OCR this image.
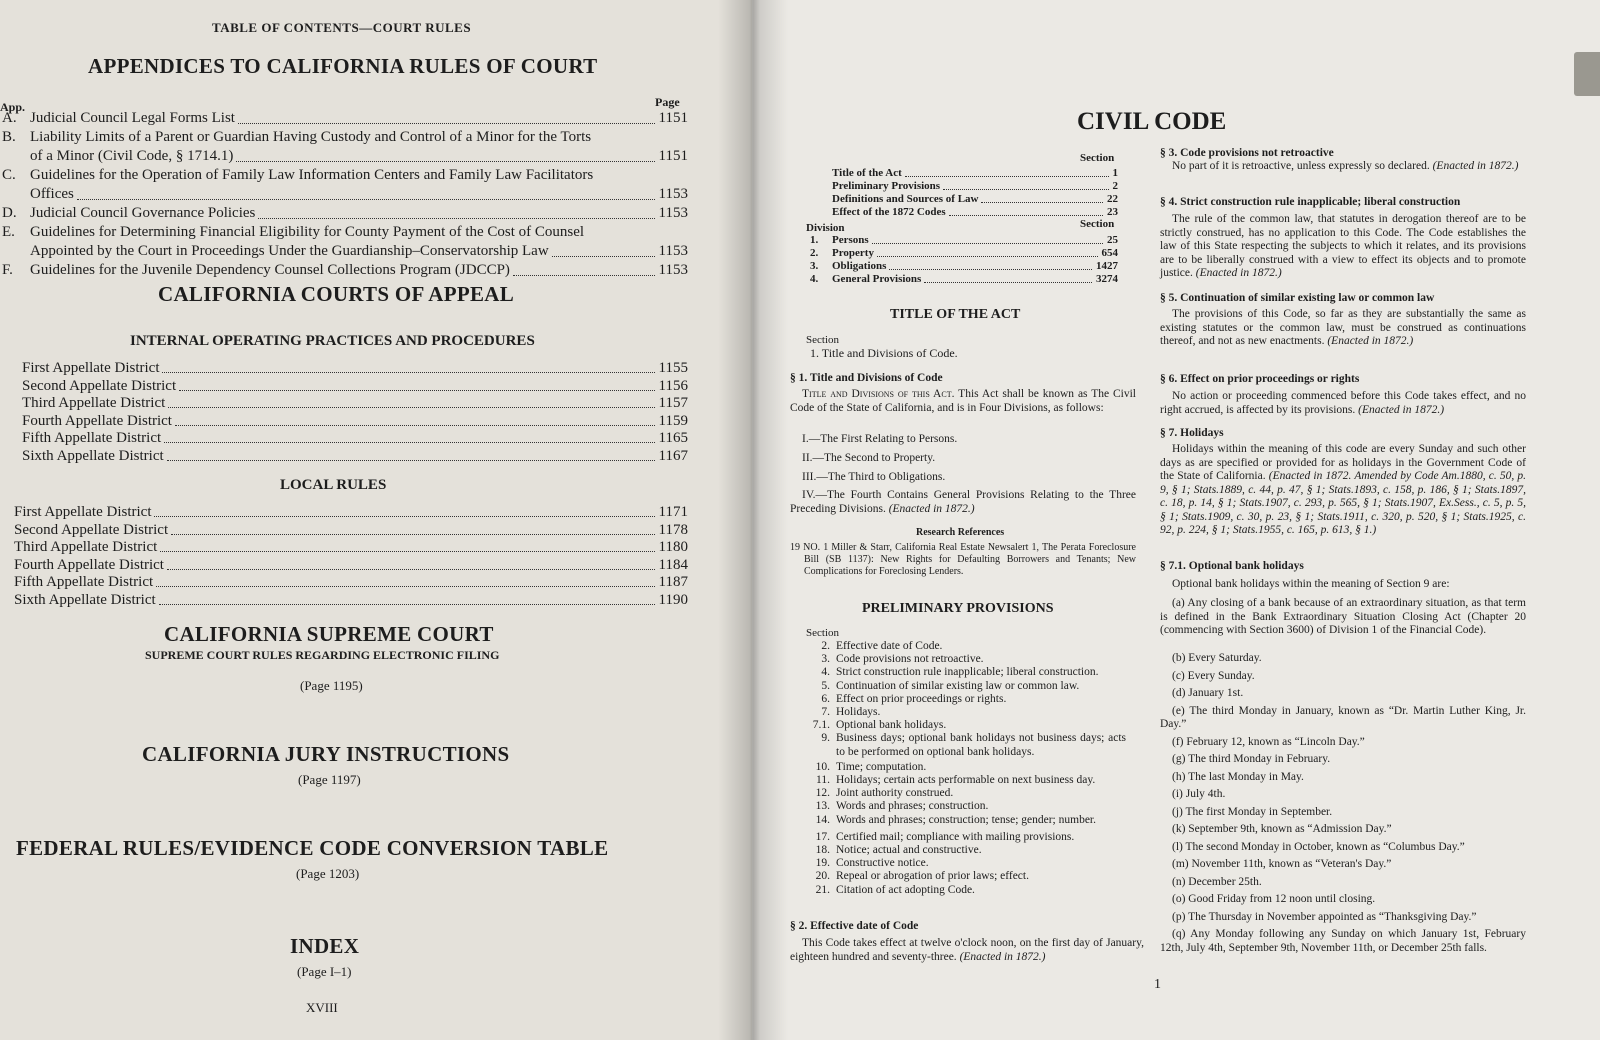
TABLE OF CONTENTS—COURT RULES
APPENDICES TO CALIFORNIA RULES OF COURT
App.	Page
A. Judicial Council Legal Forms List	1151
B. Liability Limits of a Parent or Guardian Having Custody and Control of a Minor for the Torts
of a Minor (Civil Code, § 1714.1)	1151
C. Guidelines for the Operation of Family Law Information Centers and Family Law Facilitators
Offices	1153
D. Judicial Council Governance Policies	1153
E.	Guidelines for Determining Financial Eligibility for County Payment of the Cost of Counsel
Appointed by the Court in Proceedings Under the Guardianship–Conservatorship Law	1153
F.	Guidelines for the Juvenile Dependency Counsel Collections Program (JDCCP)	1153
CALIFORNIA COURTS OF APPEAL
INTERNAL OPERATING PRACTICES AND PROCEDURES
First Appellate District	1155
Second Appellate District	1156
Third Appellate District	1157
Fourth Appellate District	1159
Fifth Appellate District	1165
Sixth Appellate District	1167
LOCAL RULES
First Appellate District	1171
Second Appellate District	1178
Third Appellate District	1180
Fourth Appellate District	1184
Fifth Appellate District	1187
Sixth Appellate District	1190
CALIFORNIA SUPREME COURT
SUPREME COURT RULES REGARDING ELECTRONIC FILING
(Page 1195)
CALIFORNIA JURY INSTRUCTIONS
(Page 1197)
FEDERAL RULES/EVIDENCE CODE CONVERSION TABLE
(Page 1203)
INDEX
(Page I–1)
XVIII
CIVIL CODE
Section
Title of the Act	1
Preliminary Provisions	2
Definitions and Sources of Law	22
Effect of the 1872 Codes	23
Division	Section
1.	Persons	25
2.	Property	654
3.	Obligations	1427
4.	General Provisions	3274
TITLE OF THE ACT
Section
1. Title and Divisions of Code.
§ 1. Title and Divisions of Code
Title and Divisions of this Act. This Act shall be known as The Civil Code of the State of California, and is in Four Divisions, as follows:
I.—The First Relating to Persons.
II.—The Second to Property.
III.—The Third to Obligations.
IV.—The Fourth Contains General Provisions Relating to the Three Preceding Divisions. (Enacted in 1872.)
Research References
19 NO. 1 Miller & Starr, California Real Estate Newsalert 1, The Perata Foreclosure Bill (SB 1137): New Rights for Defaulting Borrowers and Tenants; New Complications for Foreclosing Lenders.
PRELIMINARY PROVISIONS
Section
2. Effective date of Code.
3. Code provisions not retroactive.
4. Strict construction rule inapplicable; liberal construction.
5. Continuation of similar existing law or common law.
6. Effect on prior proceedings or rights.
7. Holidays.
7.1. Optional bank holidays.
9. Business days; optional bank holidays not business days; acts to be performed on optional bank holidays.
10. Time; computation.
11. Holidays; certain acts performable on next business day.
12. Joint authority construed.
13. Words and phrases; construction.
14. Words and phrases; construction; tense; gender; number.
17. Certified mail; compliance with mailing provisions.
18. Notice; actual and constructive.
19. Constructive notice.
20. Repeal or abrogation of prior laws; effect.
21. Citation of act adopting Code.
§ 2. Effective date of Code
This Code takes effect at twelve o'clock noon, on the first day of January, eighteen hundred and seventy-three. (Enacted in 1872.)
§ 3. Code provisions not retroactive
No part of it is retroactive, unless expressly so declared. (Enacted in 1872.)
§ 4. Strict construction rule inapplicable; liberal construction
The rule of the common law, that statutes in derogation thereof are to be strictly construed, has no application to this Code. The Code establishes the law of this State respecting the subjects to which it relates, and its provisions are to be liberally construed with a view to effect its objects and to promote justice. (Enacted in 1872.)
§ 5. Continuation of similar existing law or common law
The provisions of this Code, so far as they are substantially the same as existing statutes or the common law, must be construed as continuations thereof, and not as new enactments. (Enacted in 1872.)
§ 6. Effect on prior proceedings or rights
No action or proceeding commenced before this Code takes effect, and no right accrued, is affected by its provisions. (Enacted in 1872.)
§ 7. Holidays
Holidays within the meaning of this code are every Sunday and such other days as are specified or provided for as holidays in the Government Code of the State of California. (Enacted in 1872. Amended by Code Am.1880, c. 50, p. 9, § 1; Stats.1889, c. 44, p. 47, § 1; Stats.1893, c. 158, p. 186, § 1; Stats.1897, c. 18, p. 14, § 1; Stats.1907, c. 293, p. 565, § 1; Stats.1907, Ex.Sess., c. 5, p. 5, § 1; Stats.1909, c. 30, p. 23, § 1; Stats.1911, c. 320, p. 520, § 1; Stats.1925, c. 92, p. 224, § 1; Stats.1955, c. 165, p. 613, § 1.)
§ 7.1. Optional bank holidays
Optional bank holidays within the meaning of Section 9 are:
(a) Any closing of a bank because of an extraordinary situation, as that term is defined in the Bank Extraordinary Situation Closing Act (Chapter 20 (commencing with Section 3600) of Division 1 of the Financial Code).
(b) Every Saturday.
(c) Every Sunday.
(d) January 1st.
(e) The third Monday in January, known as “Dr. Martin Luther King, Jr. Day.”
(f) February 12, known as “Lincoln Day.”
(g) The third Monday in February.
(h) The last Monday in May.
(i) July 4th.
(j) The first Monday in September.
(k) September 9th, known as “Admission Day.”
(l) The second Monday in October, known as “Columbus Day.”
(m) November 11th, known as “Veteran's Day.”
(n) December 25th.
(o) Good Friday from 12 noon until closing.
(p) The Thursday in November appointed as “Thanksgiving Day.”
(q) Any Monday following any Sunday on which January 1st, February 12th, July 4th, September 9th, November 11th, or December 25th falls.
1
